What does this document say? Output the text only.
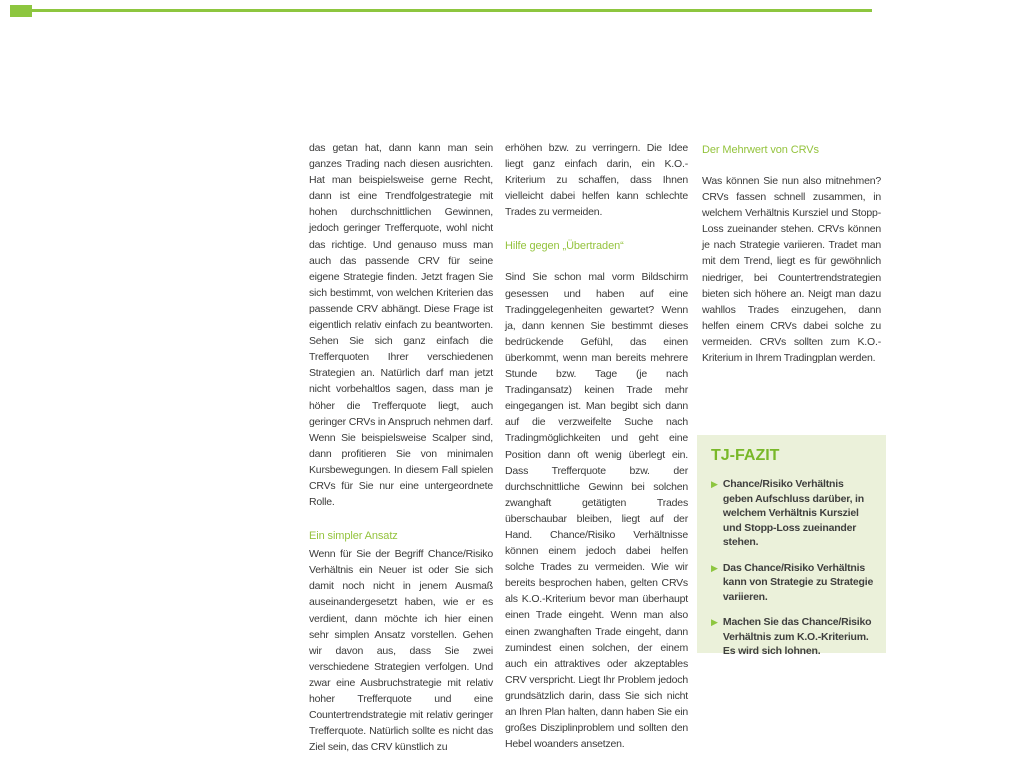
das getan hat, dann kann man sein ganzes Trading nach diesen ausrichten. Hat man beispielsweise gerne Recht, dann ist eine Trendfolgestrategie mit hohen durchschnittlichen Gewinnen, jedoch geringer Trefferquote, wohl nicht das richtige. Und genauso muss man auch das passende CRV für seine eigene Strategie finden. Jetzt fragen Sie sich bestimmt, von welchen Kriterien das passende CRV abhängt. Diese Frage ist eigentlich relativ einfach zu beantworten. Sehen Sie sich ganz einfach die Trefferquoten Ihrer verschiedenen Strategien an. Natürlich darf man jetzt nicht vorbehaltlos sagen, dass man je höher die Trefferquote liegt, auch geringer CRVs in Anspruch nehmen darf. Wenn Sie beispielsweise Scalper sind, dann profitieren Sie von minimalen Kursbewegungen. In diesem Fall spielen CRVs für Sie nur eine untergeordnete Rolle.

Ein simpler Ansatz

Wenn für Sie der Begriff Chance/Risiko Verhältnis ein Neuer ist oder Sie sich damit noch nicht in jenem Ausmaß auseinandergesetzt haben, wie er es verdient, dann möchte ich hier einen sehr simplen Ansatz vorstellen. Gehen wir davon aus, dass Sie zwei verschiedene Strategien verfolgen. Und zwar eine Ausbruchstrategie mit relativ hoher Trefferquote und eine Countertrendstrategie mit relativ geringer Trefferquote. Natürlich sollte es nicht das Ziel sein, das CRV künstlich zu

erhöhen bzw. zu verringern. Die Idee liegt ganz einfach darin, ein K.O.-Kriterium zu schaffen, dass Ihnen vielleicht dabei helfen kann schlechte Trades zu vermeiden.

Hilfe gegen „Übertraden“

Sind Sie schon mal vorm Bildschirm gesessen und haben auf eine Tradinggelegenheiten gewartet? Wenn ja, dann kennen Sie bestimmt dieses bedrückende Gefühl, das einen überkommt, wenn man bereits mehrere Stunde bzw. Tage (je nach Tradingansatz) keinen Trade mehr eingegangen ist. Man begibt sich dann auf die verzweifelte Suche nach Tradingmöglichkeiten und geht eine Position dann oft wenig überlegt ein. Dass Trefferquote bzw. der durchschnittliche Gewinn bei solchen zwanghaft getätigten Trades überschaubar bleiben, liegt auf der Hand. Chance/Risiko Verhältnisse können einem jedoch dabei helfen solche Trades zu vermeiden. Wie wir bereits besprochen haben, gelten CRVs als K.O.-Kriterium bevor man überhaupt einen Trade eingeht. Wenn man also einen zwanghaften Trade eingeht, dann zumindest einen solchen, der einem auch ein attraktives oder akzeptables CRV verspricht. Liegt Ihr Problem jedoch grundsätzlich darin, dass Sie sich nicht an Ihren Plan halten, dann haben Sie ein großes Disziplinproblem und sollten den Hebel woanders ansetzen.

Der Mehrwert von CRVs

Was können Sie nun also mitnehmen? CRVs fassen schnell zusammen, in welchem Verhältnis Kursziel und Stopp-Loss zueinander stehen. CRVs können je nach Strategie variieren. Tradet man mit dem Trend, liegt es für gewöhnlich niedriger, bei Countertrendstrategien bieten sich höhere an. Neigt man dazu wahllos Trades einzugehen, dann helfen einem CRVs dabei solche zu vermeiden. CRVs sollten zum K.O.-Kriterium in Ihrem Tradingplan werden.

TJ-FAZIT
▶ Chance/Risiko Verhältnis geben Aufschluss darüber, in welchem Verhältnis Kursziel und Stopp-Loss zueinander stehen.
▶ Das Chance/Risiko Verhältnis kann von Strategie zu Strategie variieren.
▶ Machen Sie das Chance/Risiko Verhältnis zum K.O.-Kriterium. Es wird sich lohnen.
